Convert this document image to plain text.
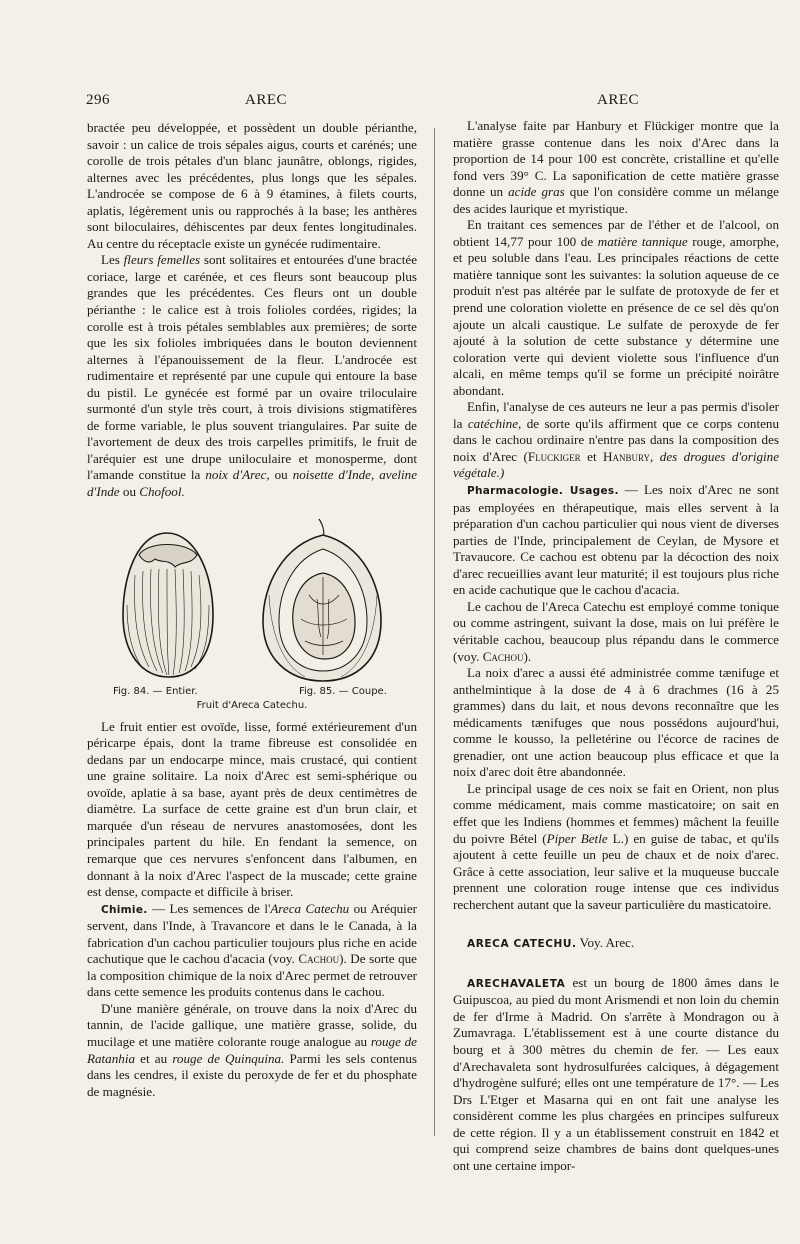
296	AREC	AREC

bractée peu développée, et possèdent un double périanthe, savoir : un calice de trois sépales aigus, courts et carénés; une corolle de trois pétales d'un blanc jaunâtre, oblongs, rigides, alternes avec les précédentes, plus longs que les sépales. L'androcée se compose de 6 à 9 étamines, à filets courts, aplatis, légèrement unis ou rapprochés à la base; les anthères sont biloculaires, déhiscentes par deux fentes longitudinales. Au centre du réceptacle existe un gynécée rudimentaire.

Les fleurs femelles sont solitaires et entourées d'une bractée coriace, large et carénée, et ces fleurs sont beaucoup plus grandes que les précédentes. Ces fleurs ont un double périanthe : le calice est à trois folioles cordées, rigides; la corolle est à trois pétales semblables aux premières; de sorte que les six folioles imbriquées dans le bouton deviennent alternes à l'épanouissement de la fleur. L'androcée est rudimentaire et représenté par une cupule qui entoure la base du pistil. Le gynécée est formé par un ovaire triloculaire surmonté d'un style très court, à trois divisions stigmatifères de forme variable, le plus souvent triangulaires. Par suite de l'avortement de deux des trois carpelles primitifs, le fruit de l'aréquier est une drupe uniloculaire et monosperme, dont l'amande constitue la noix d'Arec, ou noisette d'Inde, aveline d'Inde ou Chofool.

Fig. 84. — Entier.	Fig. 85. — Coupe.
Fruit d'Areca Catechu.

Le fruit entier est ovoïde, lisse, formé extérieurement d'un péricarpe épais, dont la trame fibreuse est consolidée en dedans par un endocarpe mince, mais crustacé, qui contient une graine solitaire. La noix d'Arec est semi-sphérique ou ovoïde, aplatie à sa base, ayant près de deux centimètres de diamètre. La surface de cette graine est d'un brun clair, et marquée d'un réseau de nervures anastomosées, dont les principales partent du hile. En fendant la semence, on remarque que ces nervures s'enfoncent dans l'albumen, en donnant à la noix d'Arec l'aspect de la muscade; cette graine est dense, compacte et difficile à briser.

Chimie. — Les semences de l'Areca Catechu ou Aréquier servent, dans l'Inde, à Travancore et dans le le Canada, à la fabrication d'un cachou particulier toujours plus riche en acide cachutique que le cachou d'acacia (voy. Cachou). De sorte que la composition chimique de la noix d'Arec permet de retrouver dans cette semence les produits contenus dans le cachou.

D'une manière générale, on trouve dans la noix d'Arec du tannin, de l'acide gallique, une matière grasse, solide, du mucilage et une matière colorante rouge analogue au rouge de Ratanhia et au rouge de Quinquina. Parmi les sels contenus dans les cendres, il existe du peroxyde de fer et du phosphate de magnésie.

L'analyse faite par Hanbury et Flückiger montre que la matière grasse contenue dans les noix d'Arec dans la proportion de 14 pour 100 est concrète, cristalline et qu'elle fond vers 39° C. La saponification de cette matière grasse donne un acide gras que l'on considère comme un mélange des acides laurique et myristique.

En traitant ces semences par de l'éther et de l'alcool, on obtient 14,77 pour 100 de matière tannique rouge, amorphe, et peu soluble dans l'eau. Les principales réactions de cette matière tannique sont les suivantes: la solution aqueuse de ce produit n'est pas altérée par le sulfate de protoxyde de fer et prend une coloration violette en présence de ce sel dès qu'on ajoute un alcali caustique. Le sulfate de peroxyde de fer ajouté à la solution de cette substance y détermine une coloration verte qui devient violette sous l'influence d'un alcali, en même temps qu'il se forme un précipité noirâtre abondant.

Enfin, l'analyse de ces auteurs ne leur a pas permis d'isoler la catéchine, de sorte qu'ils affirment que ce corps contenu dans le cachou ordinaire n'entre pas dans la composition des noix d'Arec (Fluckiger et Hanbury, des drogues d'origine végétale.)

Pharmacologie. Usages. — Les noix d'Arec ne sont pas employées en thérapeutique, mais elles servent à la préparation d'un cachou particulier qui nous vient de diverses parties de l'Inde, principalement de Ceylan, de Mysore et Travaucore. Ce cachou est obtenu par la décoction des noix d'arec recueillies avant leur maturité; il est toujours plus riche en acide cachutique que le cachou d'acacia.

Le cachou de l'Areca Catechu est employé comme tonique ou comme astringent, suivant la dose, mais on lui préfère le véritable cachou, beaucoup plus répandu dans le commerce (voy. Cachou).

La noix d'arec a aussi été administrée comme tænifuge et anthelmintique à la dose de 4 à 6 drachmes (16 à 25 grammes) dans du lait, et nous devons reconnaître que les médicaments tænifuges que nous possédons aujourd'hui, comme le kousso, la pelletérine ou l'écorce de racines de grenadier, ont une action beaucoup plus efficace et que la noix d'arec doit être abandonnée.

Le principal usage de ces noix se fait en Orient, non plus comme médicament, mais comme masticatoire; on sait en effet que les Indiens (hommes et femmes) mâchent la feuille du poivre Bétel (Piper Betle L.) en guise de tabac, et qu'ils ajoutent à cette feuille un peu de chaux et de noix d'arec. Grâce à cette association, leur salive et la muqueuse buccale prennent une coloration rouge intense que ces individus recherchent autant que la saveur particulière du masticatoire.

ARECA CATECHU. Voy. Arec.

ARECHAVALETA est un bourg de 1800 âmes dans le Guipuscoa, au pied du mont Arismendi et non loin du chemin de fer d'Irme à Madrid. On s'arrête à Mondragon ou à Zumavraga. L'établissement est à une courte distance du bourg et à 300 mètres du chemin de fer. — Les eaux d'Arechavaleta sont hydrosulfurées calciques, à dégagement d'hydrogène sulfuré; elles ont une température de 17°. — Les Drs L'Etger et Masarna qui en ont fait une analyse les considèrent comme les plus chargées en principes sulfureux de cette région. Il y a un établissement construit en 1842 et qui comprend seize chambres de bains dont quelques-unes ont une certaine impor-
